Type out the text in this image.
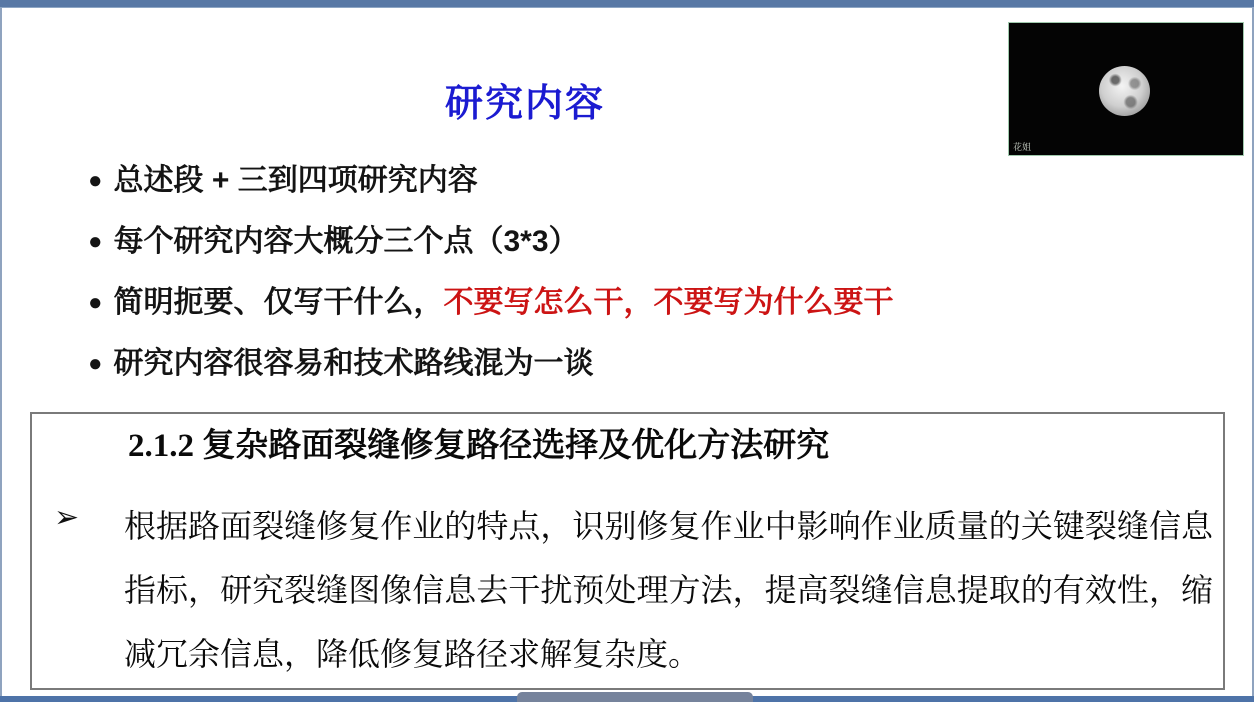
研究内容
● 总述段 + 三到四项研究内容
● 每个研究内容大概分三个点（3*3）
● 简明扼要、仅写干什么，不要写怎么干，不要写为什么要干
● 研究内容很容易和技术路线混为一谈
2.1.2 复杂路面裂缝修复路径选择及优化方法研究
➢	根据路面裂缝修复作业的特点，识别修复作业中影响作业质量的关键裂缝信息指标，研究裂缝图像信息去干扰预处理方法，提高裂缝信息提取的有效性，缩减冗余信息，降低修复路径求解复杂度。

花姐
